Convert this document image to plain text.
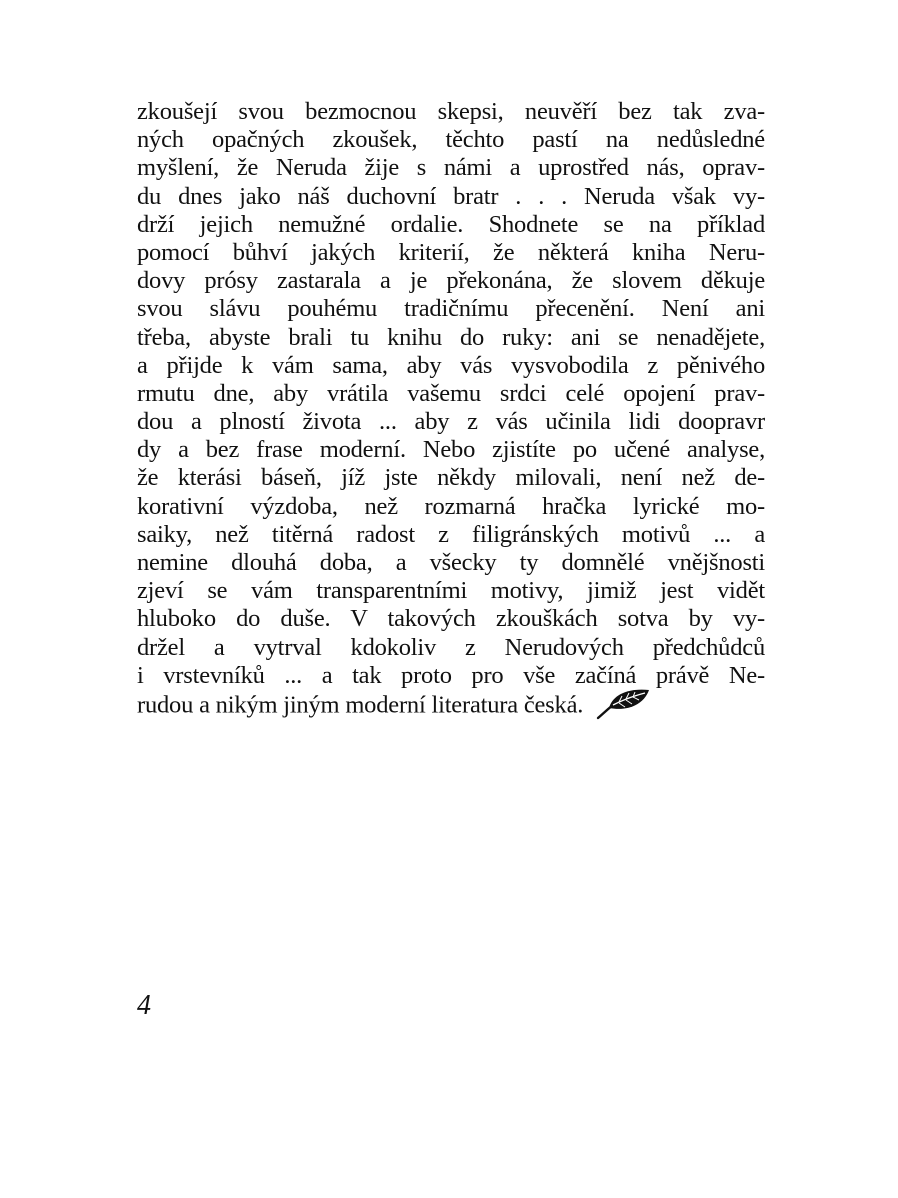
zkoušejí svou bezmocnou skepsi, neuvěří bez tak zva-
ných opačných zkoušek, těchto pastí na nedůsledné
myšlení, že Neruda žije s námi a uprostřed nás, oprav-
du dnes jako náš duchovní bratr . . . Neruda však vy-
drží jejich nemužné ordalie. Shodnete se na příklad
pomocí bůhví jakých kriterií, že některá kniha Neru-
dovy prósy zastarala a je překonána, že slovem děkuje
svou slávu pouhému tradičnímu přecenění. Není ani
třeba, abyste brali tu knihu do ruky: ani se nenadějete,
a přijde k vám sama, aby vás vysvobodila z pěnivého
rmutu dne, aby vrátila vašemu srdci celé opojení prav-
dou a plností života ... aby z vás učinila lidi doopravr
dy a bez frase moderní. Nebo zjistíte po učené analyse,
že kterási báseň, jíž jste někdy milovali, není než de-
korativní výzdoba, než rozmarná hračka lyrické mo-
saiky, než titěrná radost z filigránských motivů ... a
nemine dlouhá doba, a všecky ty domnělé vnějšnosti
zjeví se vám transparentními motivy, jimiž jest vidět
hluboko do duše. V takových zkouškách sotva by vy-
držel a vytrval kdokoliv z Nerudových předchůdců
i vrstevníků ... a tak proto pro vše začíná právě Ne-
rudou a nikým jiným moderní literatura česká.
4
